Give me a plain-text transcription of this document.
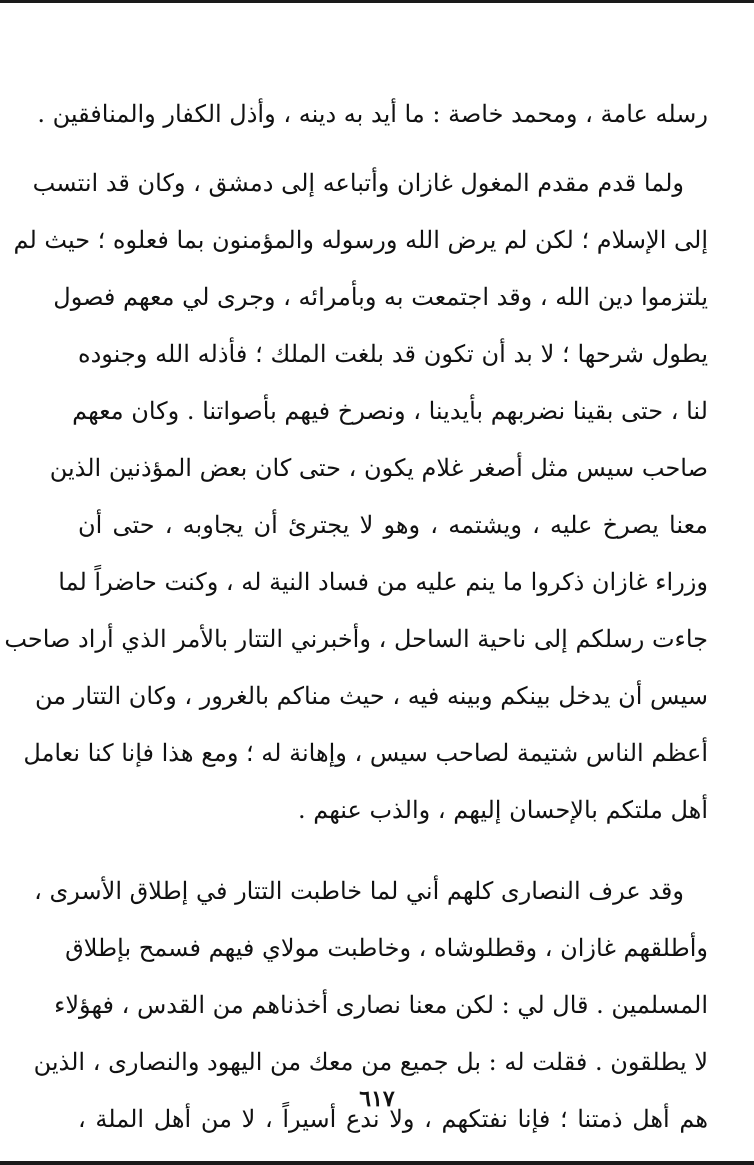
رسله عامة ، ومحمد خاصة : ما أيد به دينه ، وأذل الكفار والمنافقين .
ولما قدم مقدم المغول غازان وأتباعه إلى دمشق ، وكان قد انتسب
إلى الإسلام ؛ لكن لم يرض الله ورسوله والمؤمنون بما فعلوه ؛ حيث لم
يلتزموا دين الله ، وقد اجتمعت به وبأمرائه ، وجرى لي معهم فصول
يطول شرحها ؛ لا بد أن تكون قد بلغت الملك ؛ فأذله الله وجنوده
لنا ، حتى بقينا نضربهم بأيدينا ، ونصرخ فيهم بأصواتنا . وكان معهم
صاحب سيس مثل أصغر غلام يكون ، حتى كان بعض المؤذنين الذين
معنا يصرخ عليه ، ويشتمه ، وهو لا يجترئ أن يجاوبه ، حتى أن
وزراء غازان ذكروا ما ينم عليه من فساد النية له ، وكنت حاضراً لما
جاءت رسلكم إلى ناحية الساحل ، وأخبرني التتار بالأمر الذي أراد صاحب
سيس أن يدخل بينكم وبينه فيه ، حيث مناكم بالغرور ، وكان التتار من
أعظم الناس شتيمة لصاحب سيس ، وإهانة له ؛ ومع هذا فإنا كنا نعامل
أهل ملتكم بالإحسان إليهم ، والذب عنهم .
وقد عرف النصارى كلهم أني لما خاطبت التتار في إطلاق الأسرى ،
وأطلقهم غازان ، وقطلوشاه ، وخاطبت مولاي فيهم فسمح بإطلاق
المسلمين . قال لي : لكن معنا نصارى أخذناهم من القدس ، فهؤلاء
لا يطلقون . فقلت له : بل جميع من معك من اليهود والنصارى ، الذين
هم أهل ذمتنا ؛ فإنا نفتكهم ، ولا ندع أسيراً ، لا من أهل الملة ،
٦١٧
